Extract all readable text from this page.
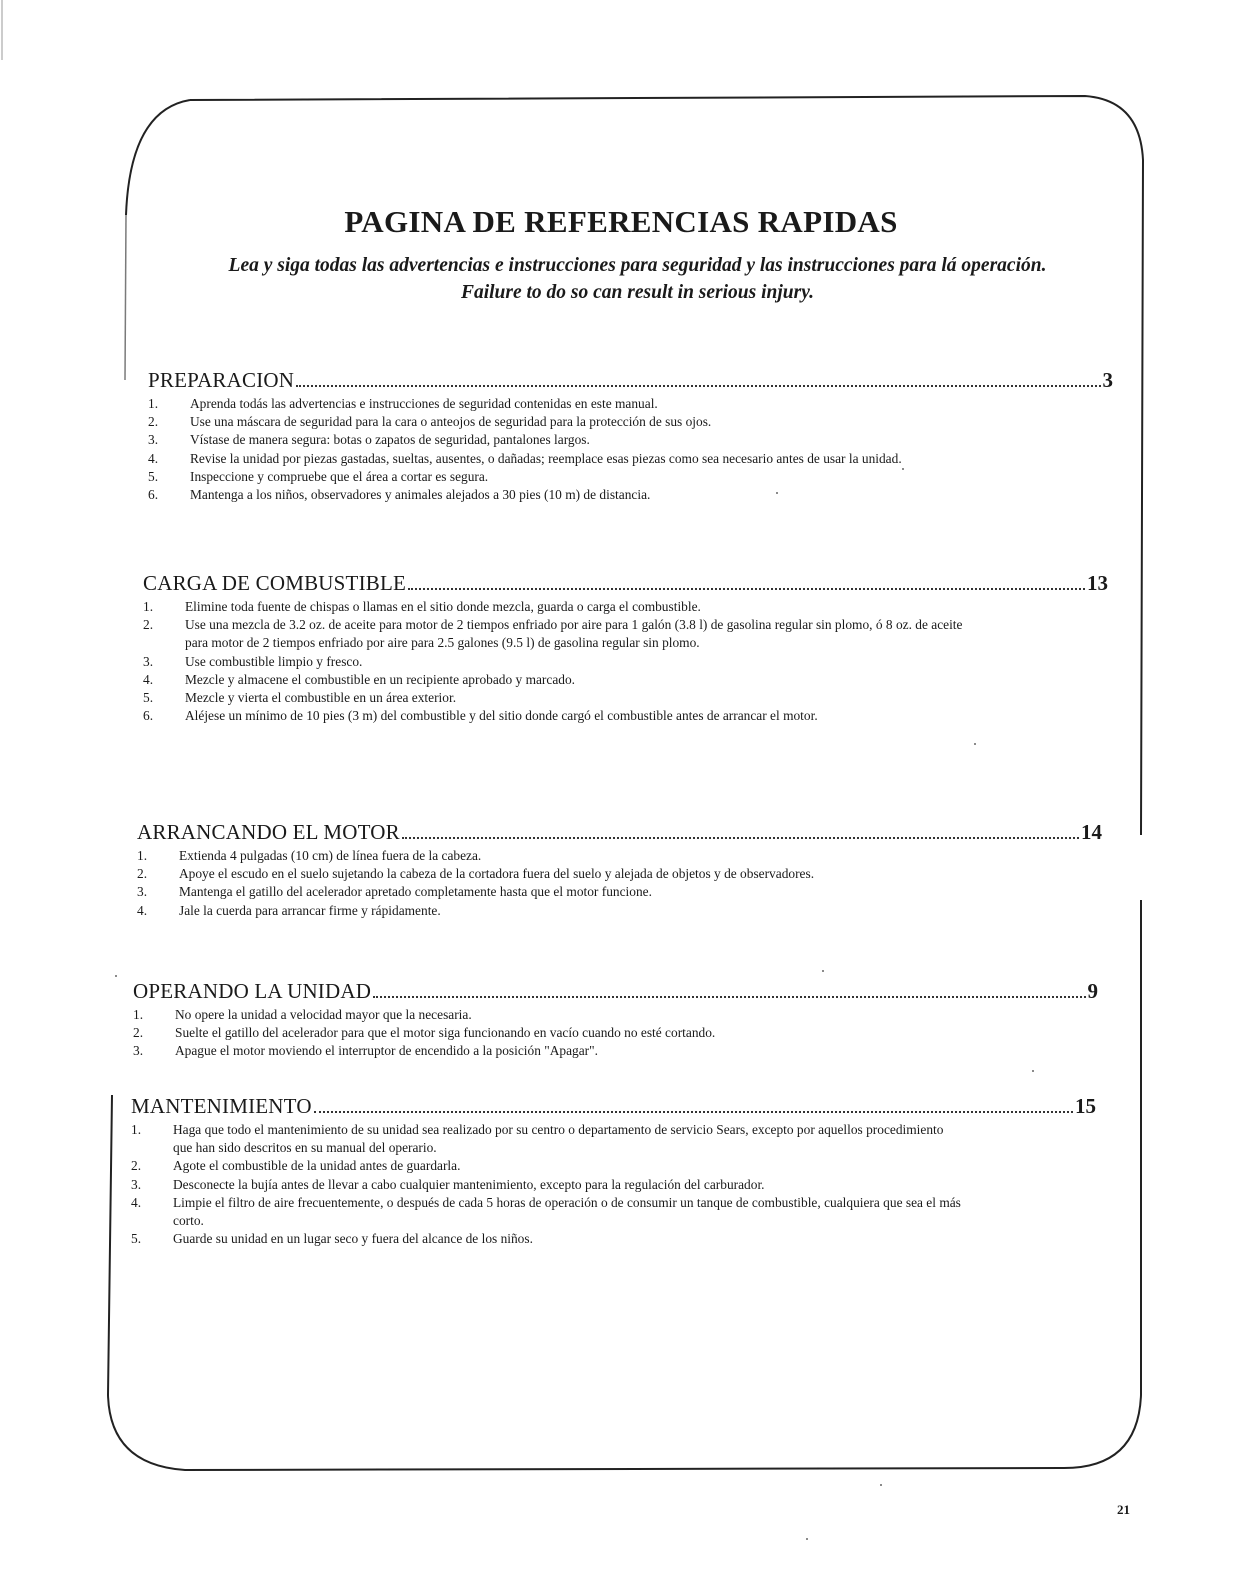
PAGINA DE REFERENCIAS RAPIDAS
Lea y siga todas las advertencias e instrucciones para seguridad y las instrucciones para lá operación.
Failure to do so can result in serious injury.
PREPARACION	3
1.	Aprenda todás las advertencias e instrucciones de seguridad contenidas en este manual.
2.	Use una máscara de seguridad para la cara o anteojos de seguridad para la protección de sus ojos.
3.	Vístase de manera segura: botas o zapatos de seguridad, pantalones largos.
4.	Revise la unidad por piezas gastadas, sueltas, ausentes, o dañadas; reemplace esas piezas como sea necesario antes de usar la unidad.
5.	Inspeccione y compruebe que el área a cortar es segura.
6.	Mantenga a los niños, observadores y animales alejados a 30 pies (10 m) de distancia.
CARGA DE COMBUSTIBLE	13
1.	Elimine toda fuente de chispas o llamas en el sitio donde mezcla, guarda o carga el combustible.
2.	Use una mezcla de 3.2 oz. de aceite para motor de 2 tiempos enfriado por aire para 1 galón (3.8 l) de gasolina regular sin plomo, ó 8 oz. de aceite para motor de 2 tiempos enfriado por aire para 2.5 galones (9.5 l) de gasolina regular sin plomo.
3.	Use combustible limpio y fresco.
4.	Mezcle y almacene el combustible en un recipiente aprobado y marcado.
5.	Mezcle y vierta el combustible en un área exterior.
6.	Aléjese un mínimo de 10 pies (3 m) del combustible y del sitio donde cargó el combustible antes de arrancar el motor.
ARRANCANDO EL MOTOR	14
1.	Extienda 4 pulgadas (10 cm) de línea fuera de la cabeza.
2.	Apoye el escudo en el suelo sujetando la cabeza de la cortadora fuera del suelo y alejada de objetos y de observadores.
3.	Mantenga el gatillo del acelerador apretado completamente hasta que el motor funcione.
4.	Jale la cuerda para arrancar firme y rápidamente.
OPERANDO LA UNIDAD	9
1.	No opere la unidad a velocidad mayor que la necesaria.
2.	Suelte el gatillo del acelerador para que el motor siga funcionando en vacío cuando no esté cortando.
3.	Apague el motor moviendo el interruptor de encendido a la posición "Apagar".
MANTENIMIENTO	15
1.	Haga que todo el mantenimiento de su unidad sea realizado por su centro o departamento de servicio Sears, excepto por aquellos procedimiento que han sido descritos en su manual del operario.
2.	Agote el combustible de la unidad antes de guardarla.
3.	Desconecte la bujía antes de llevar a cabo cualquier mantenimiento, excepto para la regulación del carburador.
4.	Limpie el filtro de aire frecuentemente, o después de cada 5 horas de operación o de consumir un tanque de combustible, cualquiera que sea el más corto.
5.	Guarde su unidad en un lugar seco y fuera del alcance de los niños.
21
